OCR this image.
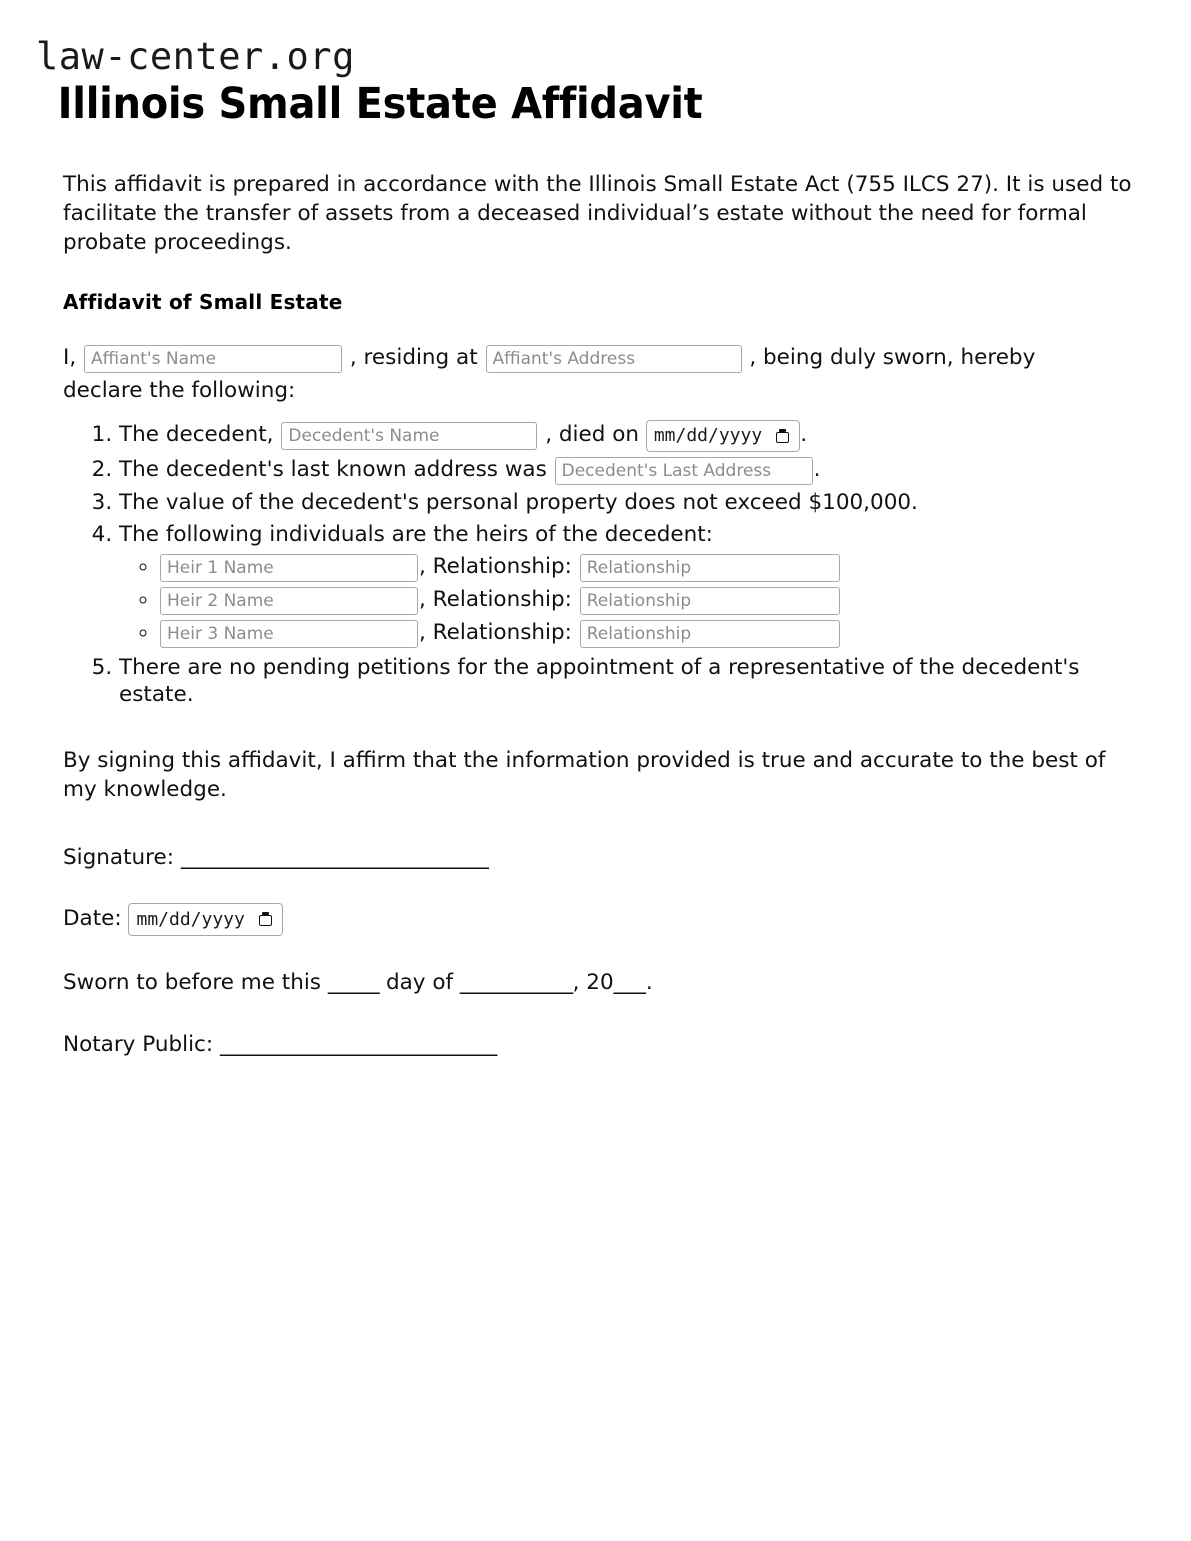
law-center.org
Illinois Small Estate Affidavit

This affidavit is prepared in accordance with the Illinois Small Estate Act (755 ILCS 27). It is used to facilitate the transfer of assets from a deceased individual’s estate without the need for formal probate proceedings.

Affidavit of Small Estate
I, Affiant's Name	, residing at Affiant's Address	, being duly sworn, hereby
declare the following:
1. The decedent, Decedent's Name	, died on mm/dd/yyyy .
2. The decedent's last known address was Decedent's Last Address	.
3. The value of the decedent's personal property does not exceed $100,000.
4. The following individuals are the heirs of the decedent:
Heir 1 Name ◦ , Relationship: Relationship
Heir 2 Name ◦ , Relationship: Relationship
Heir 3 Name ◦ , Relationship: Relationship
5. There are no pending petitions for the appointment of a representative of the decedent's estate.

By signing this affidavit, I affirm that the information provided is true and accurate to the best of my knowledge.

Signature: ______________________________
Date: mm/dd/yyyy
Sworn to before me this _____ day of ___________, 20___.
Notary Public: ___________________________
